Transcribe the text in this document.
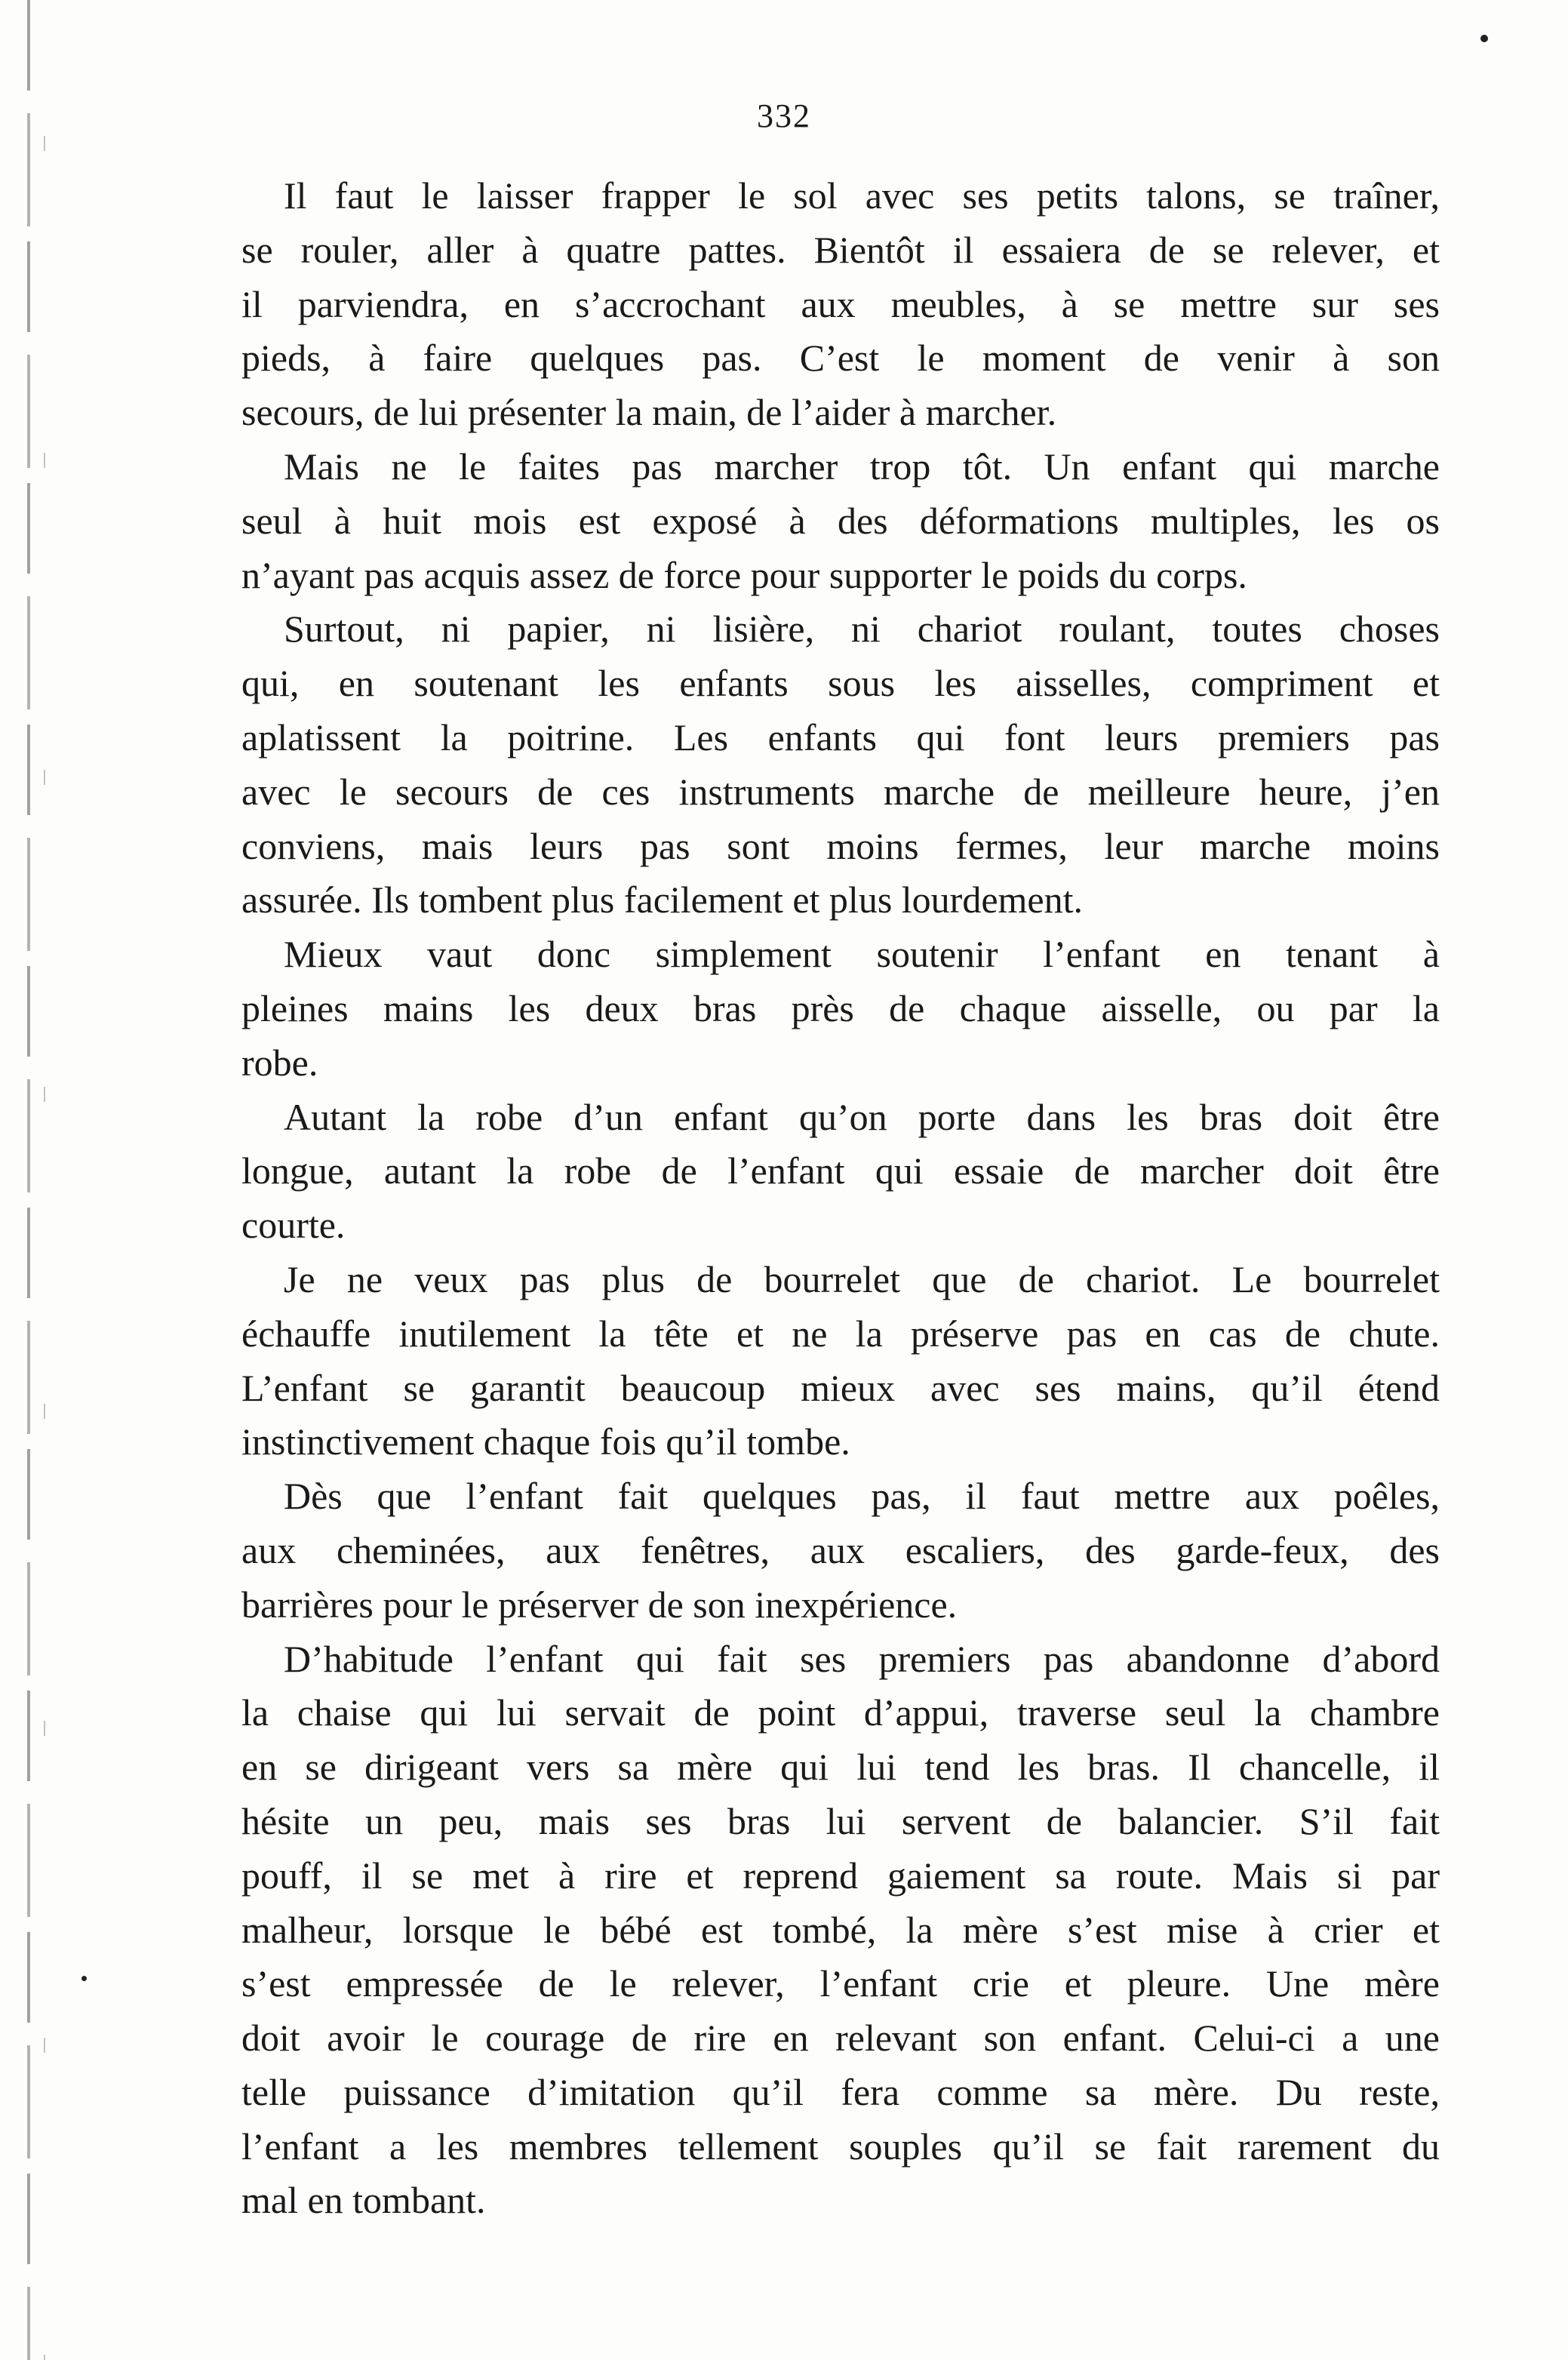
332
Il faut le laisser frapper le sol avec ses petits talons, se traîner,
se rouler, aller à quatre pattes. Bientôt il essaiera de se relever, et
il parviendra, en s’accrochant aux meubles, à se mettre sur ses
pieds, à faire quelques pas. C’est le moment de venir à son
secours, de lui présenter la main, de l’aider à marcher.
Mais ne le faites pas marcher trop tôt. Un enfant qui marche
seul à huit mois est exposé à des déformations multiples, les os
n’ayant pas acquis assez de force pour supporter le poids du corps.
Surtout, ni papier, ni lisière, ni chariot roulant, toutes choses
qui, en soutenant les enfants sous les aisselles, compriment et
aplatissent la poitrine. Les enfants qui font leurs premiers pas
avec le secours de ces instruments marche de meilleure heure, j’en
conviens, mais leurs pas sont moins fermes, leur marche moins
assurée. Ils tombent plus facilement et plus lourdement.
Mieux vaut donc simplement soutenir l’enfant en tenant à
pleines mains les deux bras près de chaque aisselle, ou par la
robe.
Autant la robe d’un enfant qu’on porte dans les bras doit être
longue, autant la robe de l’enfant qui essaie de marcher doit être
courte.
Je ne veux pas plus de bourrelet que de chariot. Le bourrelet
échauffe inutilement la tête et ne la préserve pas en cas de chute.
L’enfant se garantit beaucoup mieux avec ses mains, qu’il étend
instinctivement chaque fois qu’il tombe.
Dès que l’enfant fait quelques pas, il faut mettre aux poêles,
aux cheminées, aux fenêtres, aux escaliers, des garde-feux, des
barrières pour le préserver de son inexpérience.
D’habitude l’enfant qui fait ses premiers pas abandonne d’abord
la chaise qui lui servait de point d’appui, traverse seul la chambre
en se dirigeant vers sa mère qui lui tend les bras. Il chancelle, il
hésite un peu, mais ses bras lui servent de balancier. S’il fait
pouff, il se met à rire et reprend gaiement sa route. Mais si par
malheur, lorsque le bébé est tombé, la mère s’est mise à crier et
s’est empressée de le relever, l’enfant crie et pleure. Une mère
doit avoir le courage de rire en relevant son enfant. Celui-ci a une
telle puissance d’imitation qu’il fera comme sa mère. Du reste,
l’enfant a les membres tellement souples qu’il se fait rarement du
mal en tombant.
